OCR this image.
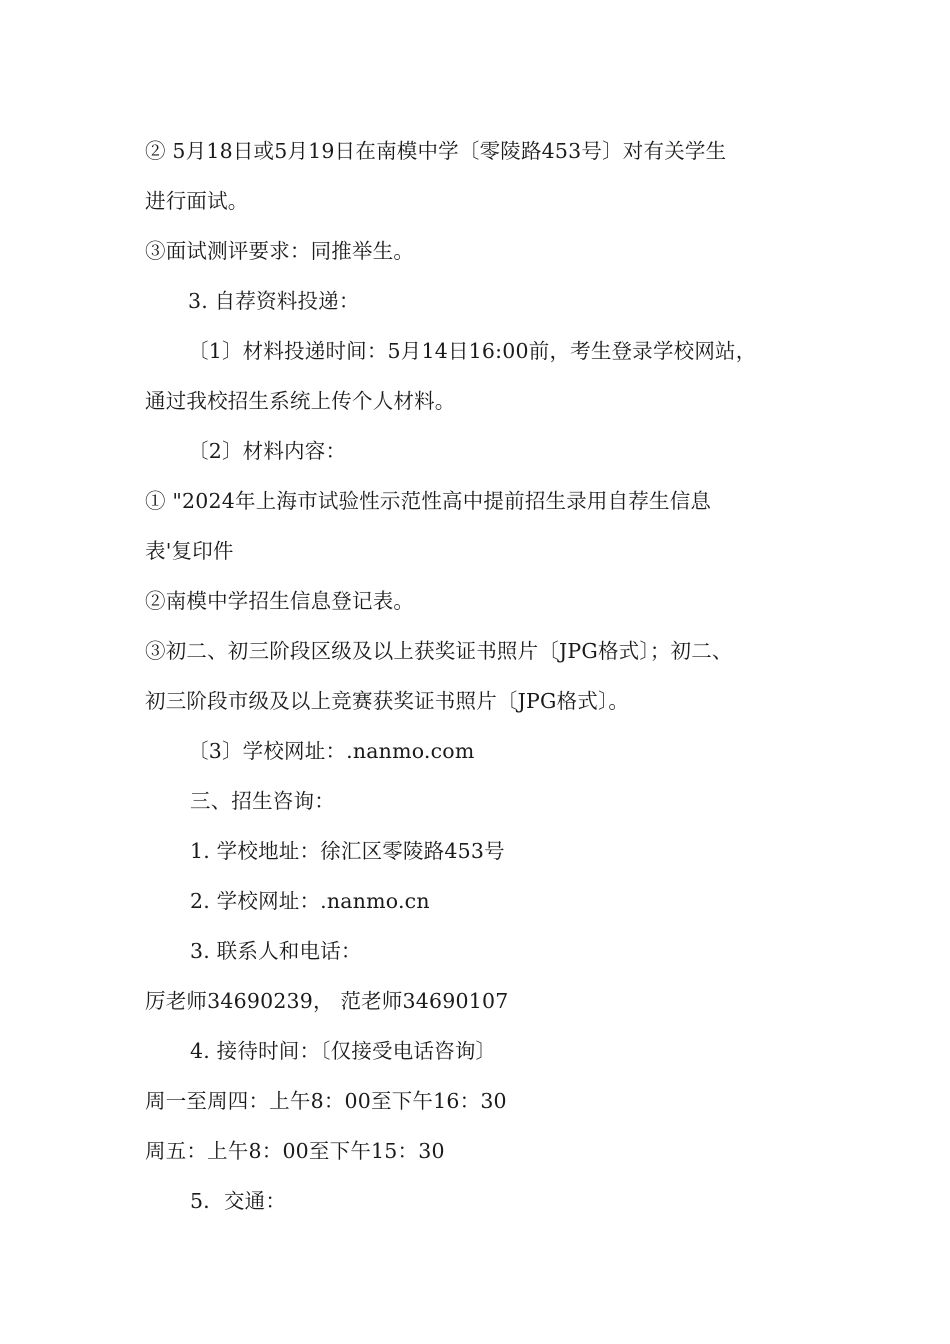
② 5月18日或5月19日在南模中学〔零陵路453号〕对有关学生
进行面试。
③面试测评要求：同推举生。
3. 自荐资料投递：
〔1〕材料投递时间：5月14日16:00前，考生登录学校网站，
通过我校招生系统上传个人材料。
〔2〕材料内容：
① "2024年上海市试验性示范性高中提前招生录用自荐生信息
表'复印件
②南模中学招生信息登记表。
③初二、初三阶段区级及以上获奖证书照片〔JPG格式〕；初二、
初三阶段市级及以上竞赛获奖证书照片〔JPG格式〕。
〔3〕学校网址：.nanmo.com
三、招生咨询：
1. 学校地址：徐汇区零陵路453号
2. 学校网址：.nanmo.cn
3. 联系人和电话：
厉老师34690239， 范老师34690107
4. 接待时间：〔仅接受电话咨询〕
周一至周四：上午8：00至下午16：30
周五：上午8：00至下午15：30
5．交通：
